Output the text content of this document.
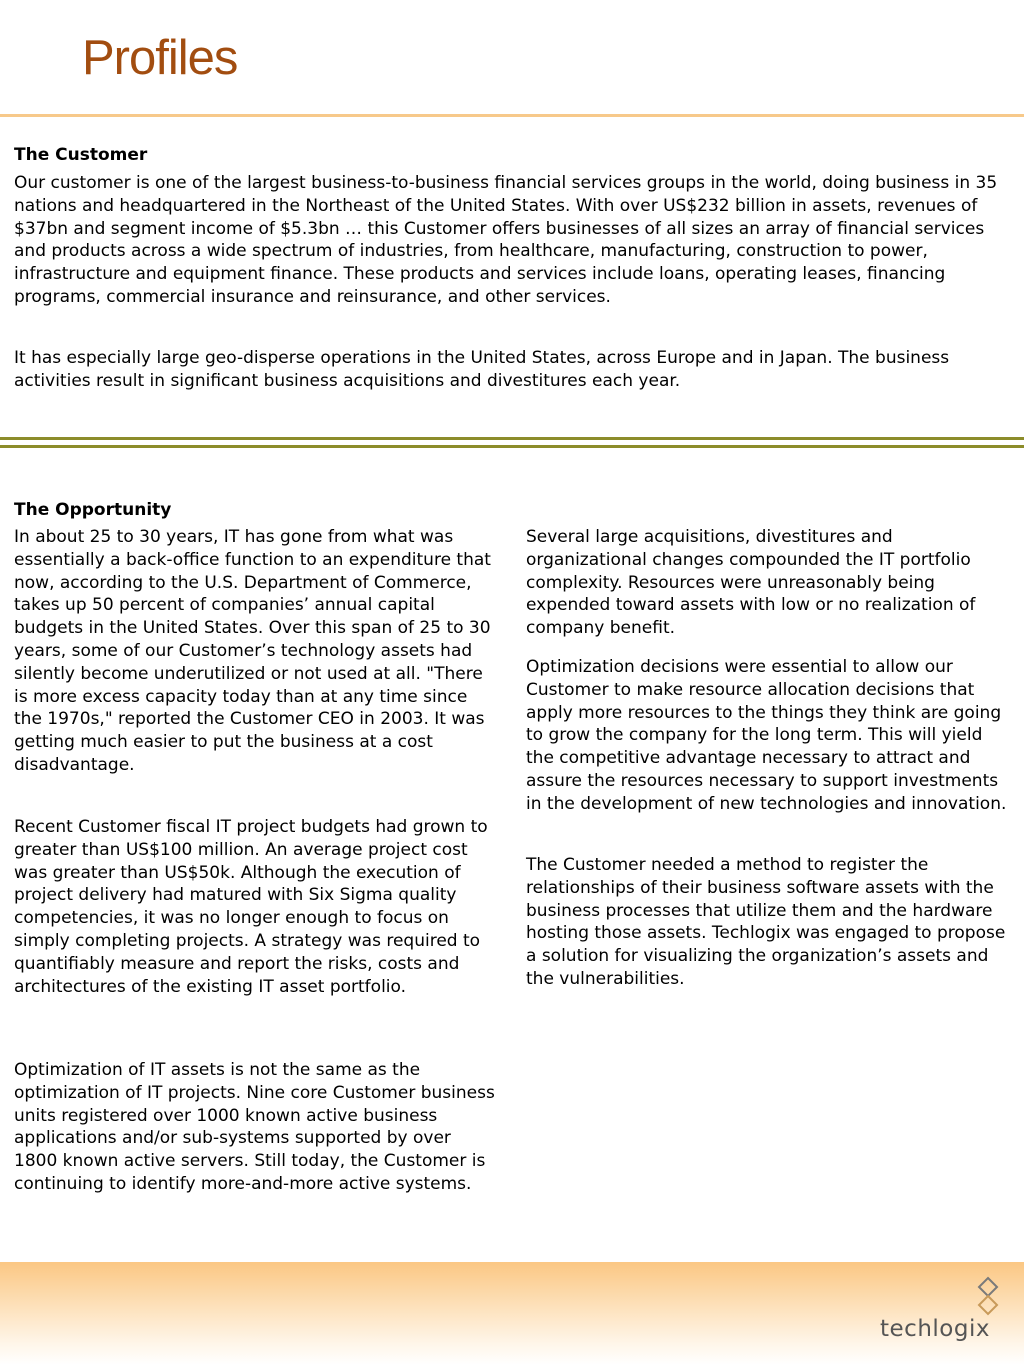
Profiles
The Customer

Our customer is one of the largest business-to-business financial services groups in the world, doing business in 35 nations and headquartered in the Northeast of the United States. With over US$232 billion in assets, revenues of $37bn and segment income of $5.3bn … this Customer offers businesses of all sizes an array of financial services and products across a wide spectrum of industries, from healthcare, manufacturing, construction to power, infrastructure and equipment finance. These products and services include loans, operating leases, financing programs, commercial insurance and reinsurance, and other services.

It has especially large geo-disperse operations in the United States, across Europe and in Japan. The business activities result in significant business acquisitions and divestitures each year.

The Opportunity

In about 25 to 30 years, IT has gone from what was essentially a back-office function to an expenditure that now, according to the U.S. Department of Commerce, takes up 50 percent of companies’ annual capital budgets in the United States. Over this span of 25 to 30 years, some of our Customer’s technology assets had silently become underutilized or not used at all. "There is more excess capacity today than at any time since the 1970s," reported the Customer CEO in 2003. It was getting much easier to put the business at a cost disadvantage.

Recent Customer fiscal IT project budgets had grown to greater than US$100 million. An average project cost was greater than US$50k. Although the execution of project delivery had matured with Six Sigma quality competencies, it was no longer enough to focus on simply completing projects. A strategy was required to quantifiably measure and report the risks, costs and architectures of the existing IT asset portfolio.

Optimization of IT assets is not the same as the optimization of IT projects. Nine core Customer business units registered over 1000 known active business applications and/or sub-systems supported by over 1800 known active servers. Still today, the Customer is continuing to identify more-and-more active systems.

Several large acquisitions, divestitures and organizational changes compounded the IT portfolio complexity. Resources were unreasonably being expended toward assets with low or no realization of company benefit.

Optimization decisions were essential to allow our Customer to make resource allocation decisions that apply more resources to the things they think are going to grow the company for the long term. This will yield the competitive advantage necessary to attract and assure the resources necessary to support investments in the development of new technologies and innovation.

The Customer needed a method to register the relationships of their business software assets with the business processes that utilize them and the hardware hosting those assets. Techlogix was engaged to propose a solution for visualizing the organization’s assets and the vulnerabilities.

techlogix
